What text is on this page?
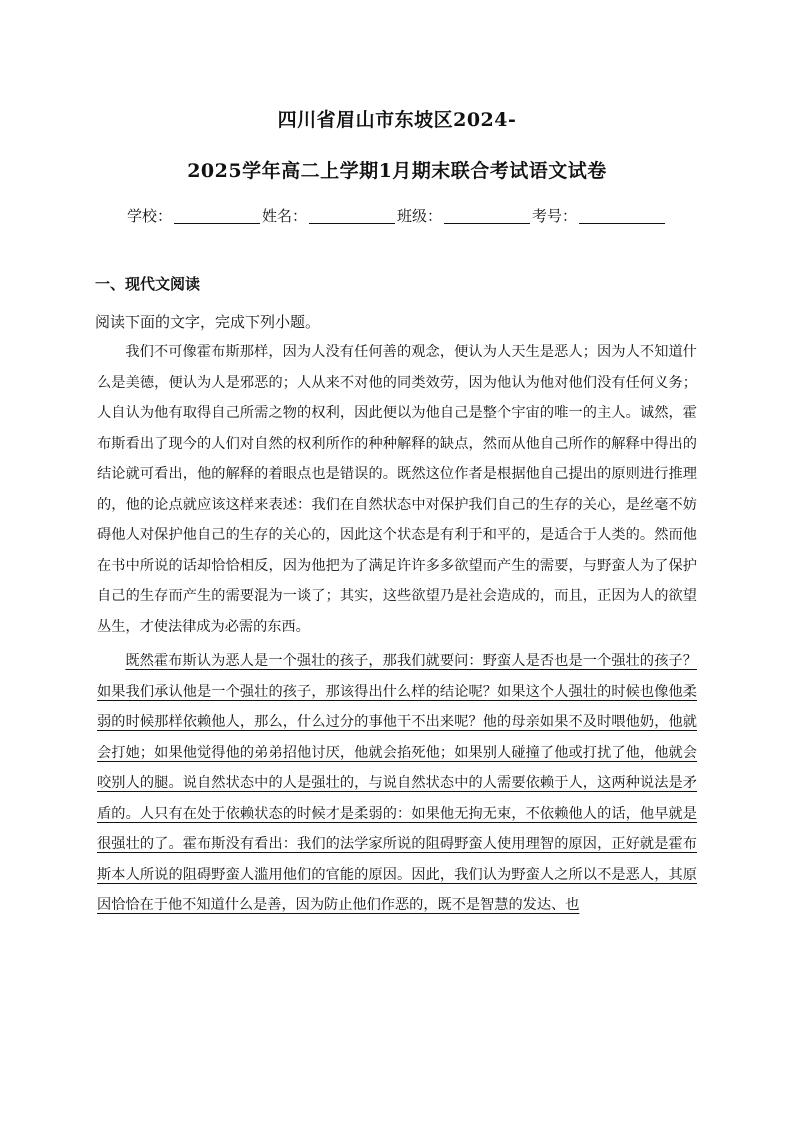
四川省眉山市东坡区2024-
2025学年高二上学期1月期末联合考试语文试卷
学校：	姓名：	班级：	考号：
一、现代文阅读
阅读下面的文字，完成下列小题。

我们不可像霍布斯那样，因为人没有任何善的观念，便认为人天生是恶人；因为人不知道什么是美德，便认为人是邪恶的；人从来不对他的同类效劳，因为他认为他对他们没有任何义务；人自认为他有取得自己所需之物的权利，因此便以为他自己是整个宇宙的唯一的主人。诚然，霍布斯看出了现今的人们对自然的权利所作的种种解释的缺点，然而从他自己所作的解释中得出的结论就可看出，他的解释的着眼点也是错误的。既然这位作者是根据他自己提出的原则进行推理的，他的论点就应该这样来表述：我们在自然状态中对保护我们自己的生存的关心，是丝毫不妨碍他人对保护他自己的生存的关心的，因此这个状态是有利于和平的，是适合于人类的。然而他在书中所说的话却恰恰相反，因为他把为了满足许许多多欲望而产生的需要，与野蛮人为了保护自己的生存而产生的需要混为一谈了；其实，这些欲望乃是社会造成的，而且，正因为人的欲望丛生，才使法律成为必需的东西。

既然霍布斯认为恶人是一个强壮的孩子，那我们就要问：野蛮人是否也是一个强壮的孩子？如果我们承认他是一个强壮的孩子，那该得出什么样的结论呢？如果这个人强壮的时候也像他柔弱的时候那样依赖他人，那么，什么过分的事他干不出来呢？他的母亲如果不及时喂他奶，他就会打她；如果他觉得他的弟弟招他讨厌，他就会掐死他；如果别人碰撞了他或打扰了他，他就会咬别人的腿。说自然状态中的人是强壮的，与说自然状态中的人需要依赖于人，这两种说法是矛盾的。人只有在处于依赖状态的时候才是柔弱的：如果他无拘无束，不依赖他人的话，他早就是很强壮的了。霍布斯没有看出：我们的法学家所说的阻碍野蛮人使用理智的原因，正好就是霍布斯本人所说的阻碍野蛮人滥用他们的官能的原因。因此，我们认为野蛮人之所以不是恶人，其原因恰恰在于他不知道什么是善，因为防止他们作恶的，既不是智慧的发达、也
